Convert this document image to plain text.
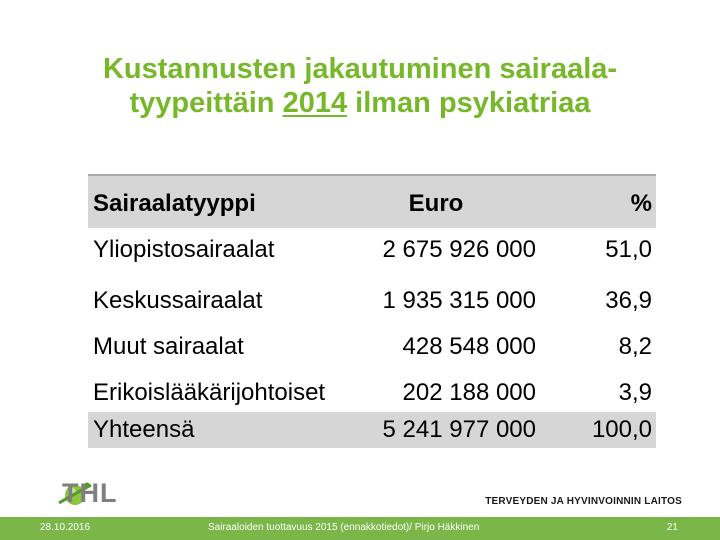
Kustannusten jakautuminen sairaala-
tyypeittäin 2014 ilman psykiatriaa
Sairaalatyyppi	Euro	%
Yliopistosairaalat	2 675 926 000	51,0
Keskussairaalat	1 935 315 000	36,9
Muut sairaalat	428 548 000	8,2
Erikoislääkärijohtoiset	202 188 000	3,9
Yhteensä	5 241 977 000	100,0
THL	TERVEYDEN JA HYVINVOINNIN LAITOS
28.10.2016	Sairaaloiden tuottavuus 2015 (ennakkotiedot)/ Pirjo Häkkinen	21
